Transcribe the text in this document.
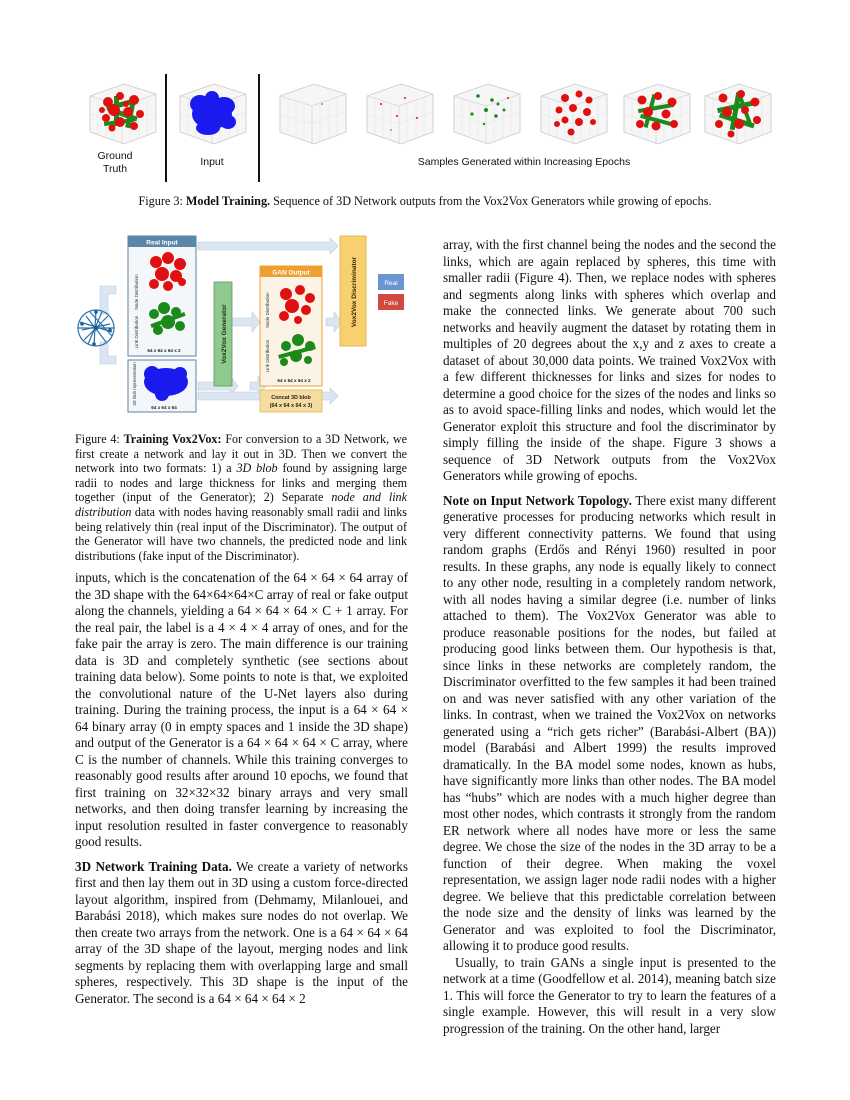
Ground
Truth
Input	Samples Generated within Increasing Epochs
Figure 3: Model Training. Sequence of 3D Network outputs from the Vox2Vox Generators while growing of epochs.
Real Input
Node Distribution
Link Distribution
64 x 64 x 64 x 2
3D blob representation
64 x 64 x 64
Vox2Vox Generator
GAN Output
Node Distribution
Link Distribution
64 x 64 x 64 x 2
Concat 3D blob
(64 x 64 x 64 x 3)
Vox2Vox Discriminator	Real
Fake
Figure 4: Training Vox2Vox: For conversion to a 3D Network, we first create a network and lay it out in 3D. Then we convert the network into two formats: 1) a 3D blob found by assigning large radii to nodes and large thickness for links and merging them together (input of the Generator); 2) Separate node and link distribution data with nodes having reasonably small radii and links being relatively thin (real input of the Discriminator). The output of the Generator will have two channels, the predicted node and link distributions (fake input of the Discriminator).

inputs, which is the concatenation of the 64 × 64 × 64 array of the 3D shape with the 64×64×64×C array of real or fake output along the channels, yielding a 64 × 64 × 64 × C + 1 array. For the real pair, the label is a 4 × 4 × 4 array of ones, and for the fake pair the array is zero. The main difference is our training data is 3D and completely synthetic (see sections about training data below). Some points to note is that, we exploited the convolutional nature of the U-Net layers also during training. During the training process, the input is a 64 × 64 × 64 binary array (0 in empty spaces and 1 inside the 3D shape) and output of the Generator is a 64 × 64 × 64 × C array, where C is the number of channels. While this training converges to reasonably good results after around 10 epochs, we found that first training on 32×32×32 binary arrays and very small networks, and then doing transfer learning by increasing the input resolution resulted in faster convergence to reasonably good results.

3D Network Training Data. We create a variety of networks first and then lay them out in 3D using a custom force-directed layout algorithm, inspired from (Dehmamy, Milanlouei, and Barabási 2018), which makes sure nodes do not overlap. We then create two arrays from the network. One is a 64 × 64 × 64 array of the 3D shape of the layout, merging nodes and link segments by replacing them with overlapping large and small spheres, respectively. This 3D shape is the input of the Generator. The second is a 64 × 64 × 64 × 2

array, with the first channel being the nodes and the second the links, which are again replaced by spheres, this time with smaller radii (Figure 4). Then, we replace nodes with spheres and segments along links with spheres which overlap and make the connected links. We generate about 700 such networks and heavily augment the dataset by rotating them in multiples of 20 degrees about the x,y and z axes to create a dataset of about 30,000 data points. We trained Vox2Vox with a few different thicknesses for links and sizes for nodes to determine a good choice for the sizes of the nodes and links so as to avoid space-filling links and nodes, which would let the Generator exploit this structure and fool the discriminator by simply filling the inside of the shape. Figure 3 shows a sequence of 3D Network outputs from the Vox2Vox Generators while growing of epochs.

Note on Input Network Topology. There exist many different generative processes for producing networks which result in very different connectivity patterns. We found that using random graphs (Erdős and Rényi 1960) resulted in poor results. In these graphs, any node is equally likely to connect to any other node, resulting in a completely random network, with all nodes having a similar degree (i.e. number of links attached to them). The Vox2Vox Generator was able to produce reasonable positions for the nodes, but failed at producing good links between them. Our hypothesis is that, since links in these networks are completely random, the Discriminator overfitted to the few samples it had been trained on and was never satisfied with any other variation of the links. In contrast, when we trained the Vox2Vox on networks generated using a “rich gets richer” (Barabási-Albert (BA)) model (Barabási and Albert 1999) the results improved dramatically. In the BA model some nodes, known as hubs, have significantly more links than other nodes. The BA model has “hubs” which are nodes with a much higher degree than most other nodes, which contrasts it strongly from the random ER network where all nodes have more or less the same degree. We chose the size of the nodes in the 3D array to be a function of their degree. When making the voxel representation, we assign lager node radii nodes with a higher degree. We believe that this predictable correlation between the node size and the density of links was learned by the Generator and was exploited to fool the Discriminator, allowing it to produce good results.

Usually, to train GANs a single input is presented to the network at a time (Goodfellow et al. 2014), meaning batch size 1. This will force the Generator to try to learn the features of a single example. However, this will result in a very slow progression of the training. On the other hand, larger
